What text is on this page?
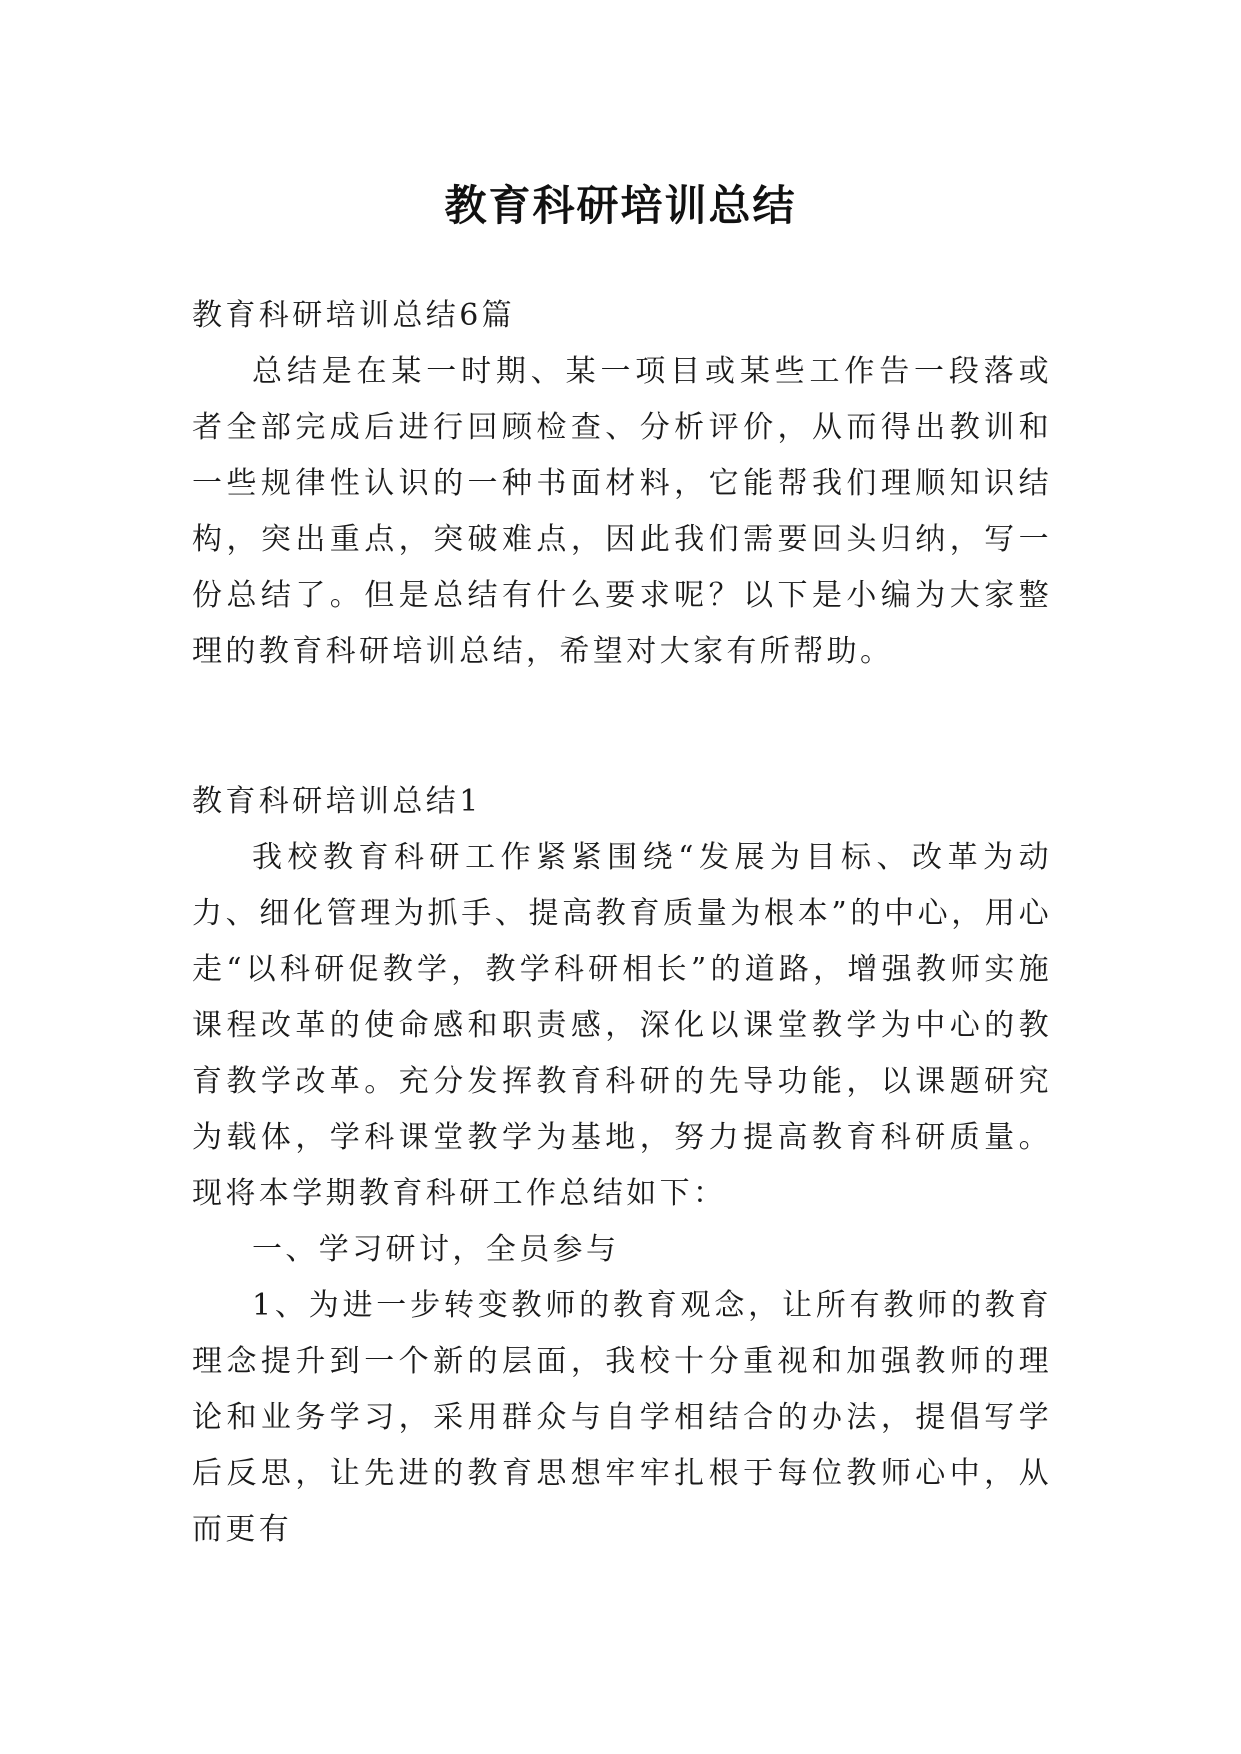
教育科研培训总结

教育科研培训总结6篇

总结是在某一时期、某一项目或某些工作告一段落或者全部完成后进行回顾检查、分析评价，从而得出教训和一些规律性认识的一种书面材料，它能帮我们理顺知识结构，突出重点，突破难点，因此我们需要回头归纳，写一份总结了。但是总结有什么要求呢？以下是小编为大家整理的教育科研培训总结，希望对大家有所帮助。

教育科研培训总结1

我校教育科研工作紧紧围绕“发展为目标、改革为动力、细化管理为抓手、提高教育质量为根本”的中心，用心走“以科研促教学，教学科研相长”的道路，增强教师实施课程改革的使命感和职责感，深化以课堂教学为中心的教育教学改革。充分发挥教育科研的先导功能，以课题研究为载体，学科课堂教学为基地，努力提高教育科研质量。现将本学期教育科研工作总结如下：

一、学习研讨，全员参与

1、为进一步转变教师的教育观念，让所有教师的教育理念提升到一个新的层面，我校十分重视和加强教师的理论和业务学习，采用群众与自学相结合的办法，提倡写学后反思，让先进的教育思想牢牢扎根于每位教师心中，从而更有
